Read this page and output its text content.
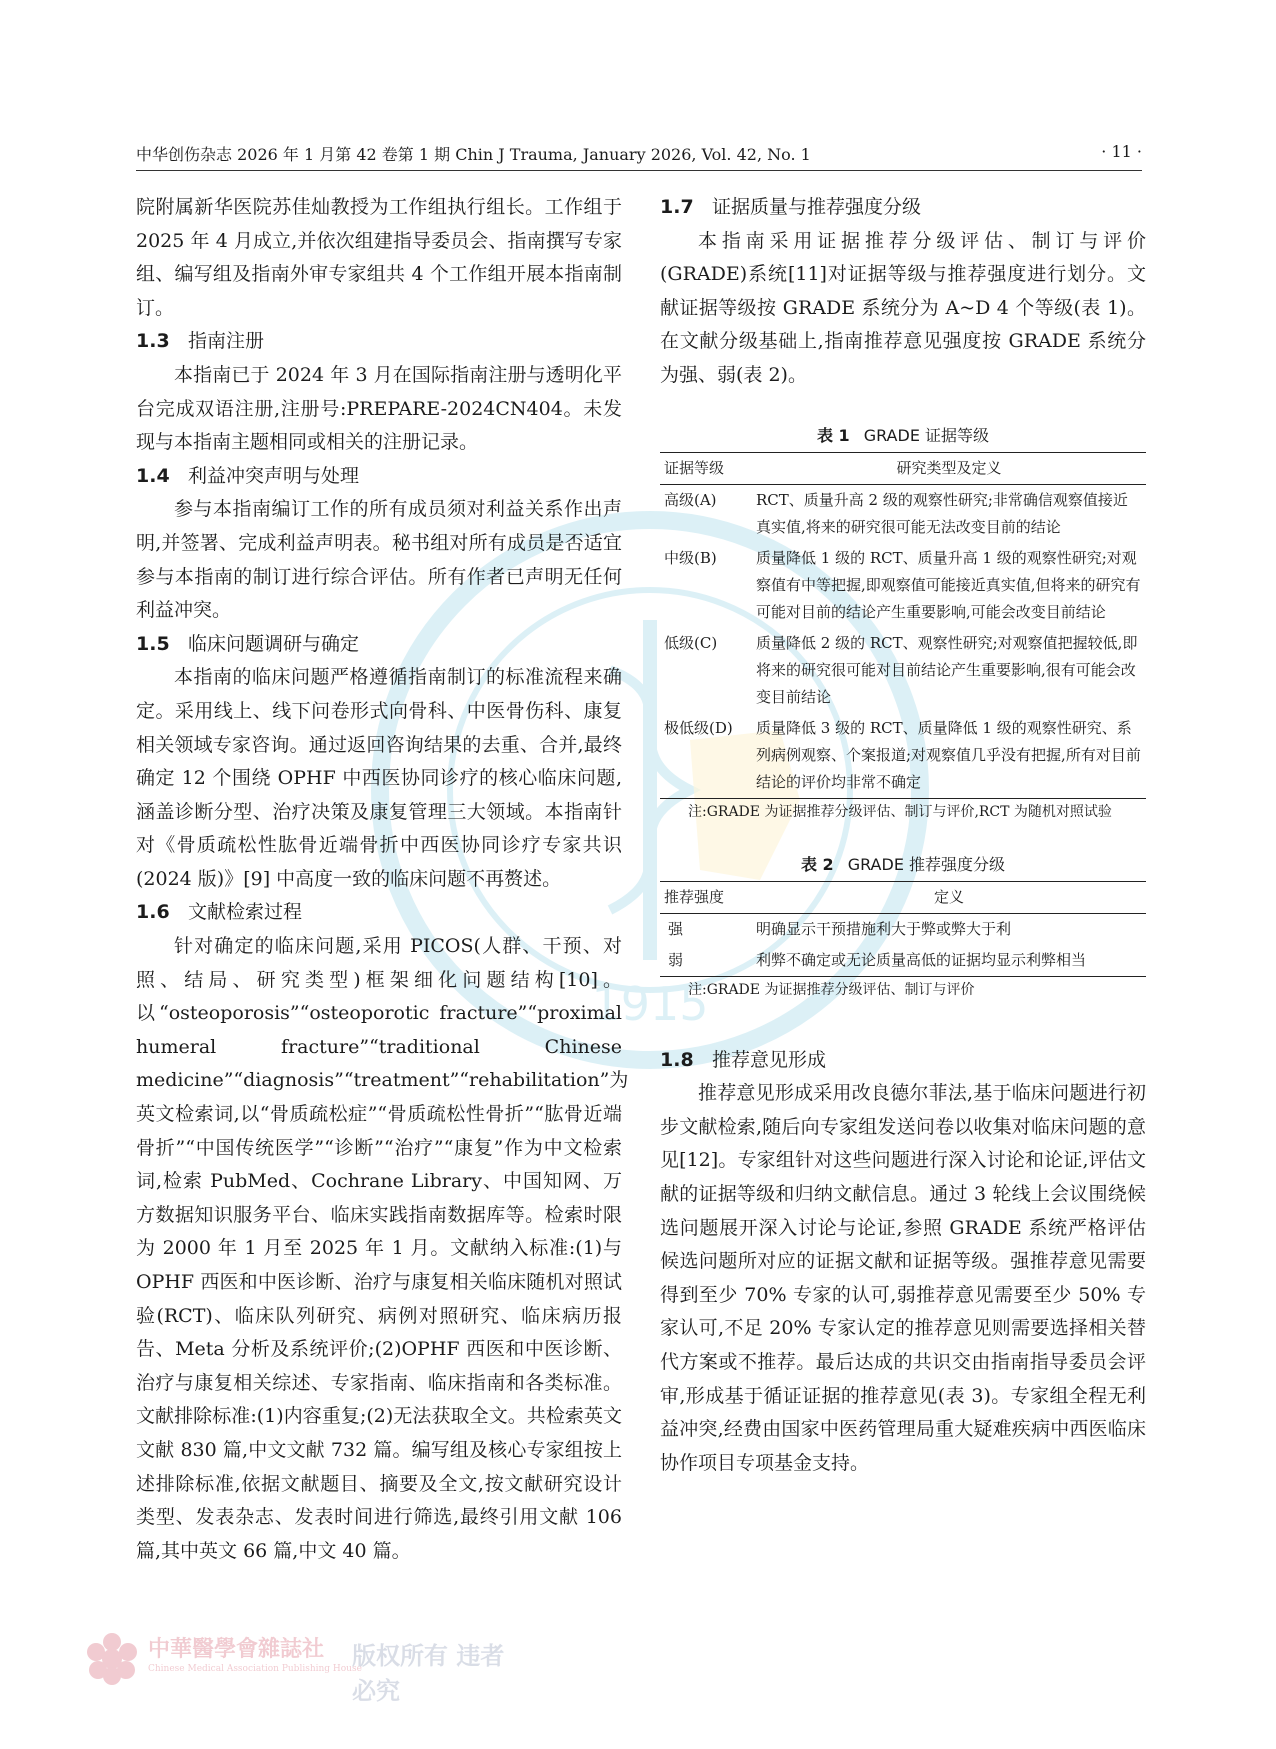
1915
中华创伤杂志 2026 年 1 月第 42 卷第 1 期 Chin J Trauma, January 2026, Vol. 42, No. 1	· 11 ·

院附属新华医院苏佳灿教授为工作组执行组长。工作组于 2025 年 4 月成立,并依次组建指导委员会、指南撰写专家组、编写组及指南外审专家组共 4 个工作组开展本指南制订。

1.3 指南注册

本指南已于 2024 年 3 月在国际指南注册与透明化平台完成双语注册,注册号:PREPARE-2024CN404。未发现与本指南主题相同或相关的注册记录。

1.4 利益冲突声明与处理

参与本指南编订工作的所有成员须对利益关系作出声明,并签署、完成利益声明表。秘书组对所有成员是否适宜参与本指南的制订进行综合评估。所有作者已声明无任何利益冲突。

1.5 临床问题调研与确定

本指南的临床问题严格遵循指南制订的标准流程来确定。采用线上、线下问卷形式向骨科、中医骨伤科、康复相关领域专家咨询。通过返回咨询结果的去重、合并,最终确定 12 个围绕 OPHF 中西医协同诊疗的核心临床问题,涵盖诊断分型、治疗决策及康复管理三大领域。本指南针对《骨质疏松性肱骨近端骨折中西医协同诊疗专家共识(2024 版)》[9] 中高度一致的临床问题不再赘述。

1.6 文献检索过程

针对确定的临床问题,采用 PICOS(人群、干预、对照、结局、研究类型)框架细化问题结构[10]。以“osteoporosis”“osteoporotic fracture”“proximal humeral fracture”“traditional Chinese medicine”“diagnosis”“treatment”“rehabilitation”为英文检索词,以“骨质疏松症”“骨质疏松性骨折”“肱骨近端骨折”“中国传统医学”“诊断”“治疗”“康复”作为中文检索词,检索 PubMed、Cochrane Library、中国知网、万方数据知识服务平台、临床实践指南数据库等。检索时限为 2000 年 1 月至 2025 年 1 月。文献纳入标准:(1)与 OPHF 西医和中医诊断、治疗与康复相关临床随机对照试验(RCT)、临床队列研究、病例对照研究、临床病历报告、Meta 分析及系统评价;(2)OPHF 西医和中医诊断、治疗与康复相关综述、专家指南、临床指南和各类标准。文献排除标准:(1)内容重复;(2)无法获取全文。共检索英文文献 830 篇,中文文献 732 篇。编写组及核心专家组按上述排除标准,依据文献题目、摘要及全文,按文献研究设计类型、发表杂志、发表时间进行筛选,最终引用文献 106 篇,其中英文 66 篇,中文 40 篇。

1.7 证据质量与推荐强度分级

本指南采用证据推荐分级评估、制订与评价(GRADE)系统[11]对证据等级与推荐强度进行划分。文献证据等级按 GRADE 系统分为 A~D 4 个等级(表 1)。在文献分级基础上,指南推荐意见强度按 GRADE 系统分为强、弱(表 2)。

表 1 GRADE 证据等级

证据等级	研究类型及定义
高级(A)	RCT、质量升高 2 级的观察性研究;非常确信观察值接近真实值,将来的研究很可能无法改变目前的结论
中级(B)	质量降低 1 级的 RCT、质量升高 1 级的观察性研究;对观察值有中等把握,即观察值可能接近真实值,但将来的研究有可能对目前的结论产生重要影响,可能会改变目前结论
低级(C)	质量降低 2 级的 RCT、观察性研究;对观察值把握较低,即将来的研究很可能对目前结论产生重要影响,很有可能会改变目前结论
极低级(D)	质量降低 3 级的 RCT、质量降低 1 级的观察性研究、系列病例观察、个案报道;对观察值几乎没有把握,所有对目前结论的评价均非常不确定

注:GRADE 为证据推荐分级评估、制订与评价,RCT 为随机对照试验

表 2 GRADE 推荐强度分级

推荐强度	定义
强	明确显示干预措施利大于弊或弊大于利
弱	利弊不确定或无论质量高低的证据均显示利弊相当

注:GRADE 为证据推荐分级评估、制订与评价

1.8 推荐意见形成

推荐意见形成采用改良德尔菲法,基于临床问题进行初步文献检索,随后向专家组发送问卷以收集对临床问题的意见[12]。专家组针对这些问题进行深入讨论和论证,评估文献的证据等级和归纳文献信息。通过 3 轮线上会议围绕候选问题展开深入讨论与论证,参照 GRADE 系统严格评估候选问题所对应的证据文献和证据等级。强推荐意见需要得到至少 70% 专家的认可,弱推荐意见需要至少 50% 专家认可,不足 20% 专家认定的推荐意见则需要选择相关替代方案或不推荐。最后达成的共识交由指南指导委员会评审,形成基于循证证据的推荐意见(表 3)。专家组全程无利益冲突,经费由国家中医药管理局重大疑难疾病中西医临床协作项目专项基金支持。

中華醫學會雜誌社
Chinese Medical Association Publishing House
版权所有 违者必究
